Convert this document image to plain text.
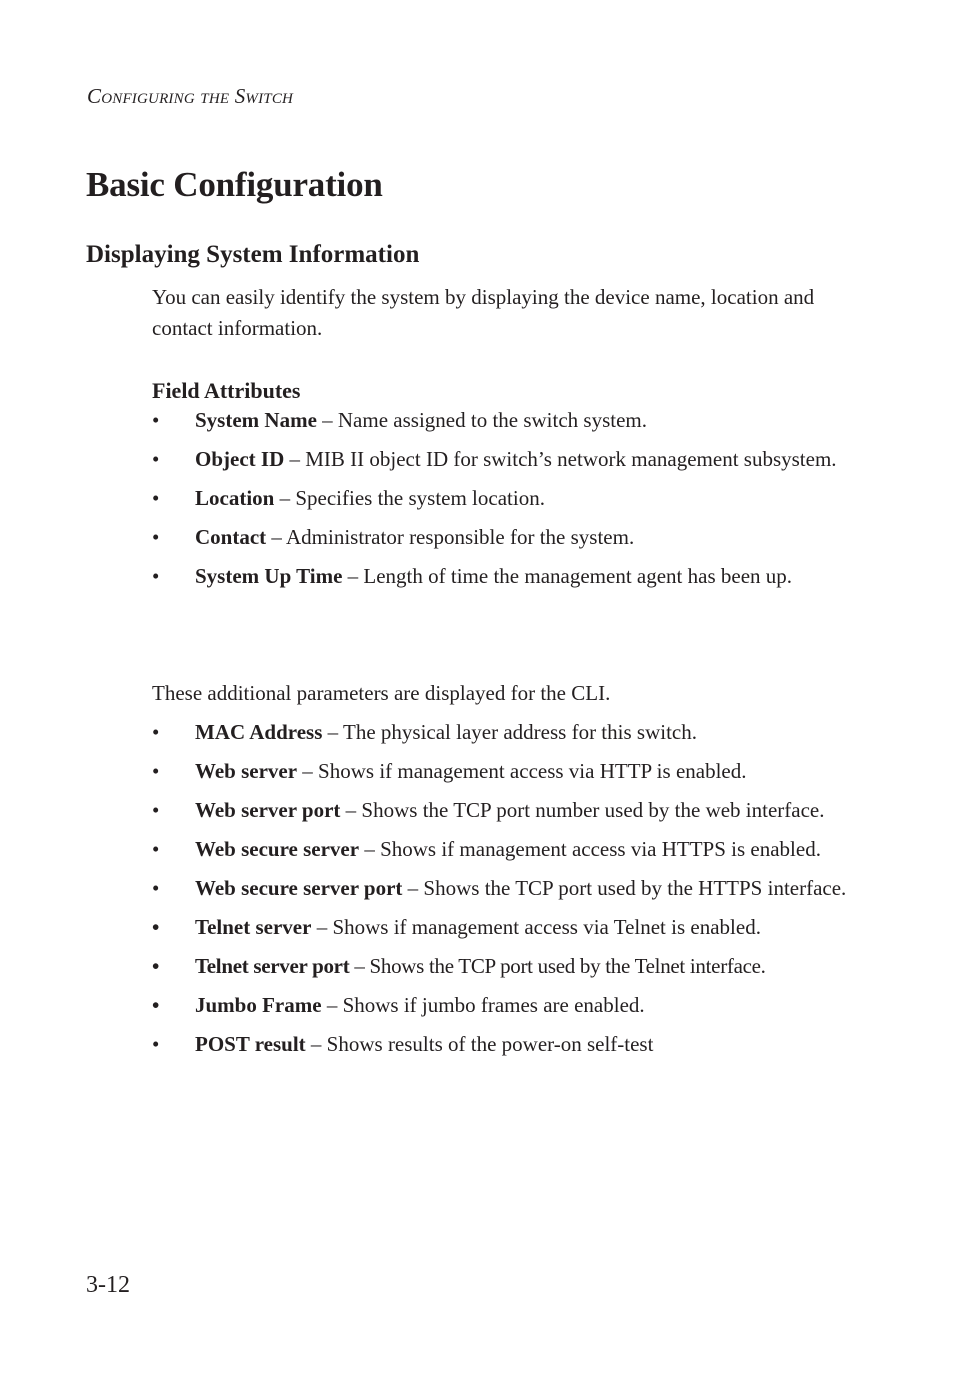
Configuring the Switch
Basic Configuration
Displaying System Information

You can easily identify the system by displaying the device name, location and contact information.

Field Attributes
•	System Name – Name assigned to the switch system.
•	Object ID – MIB II object ID for switch’s network management subsystem.
•	Location – Specifies the system location.
•	Contact – Administrator responsible for the system.
•	System Up Time – Length of time the management agent has been up.

These additional parameters are displayed for the CLI.

•	MAC Address – The physical layer address for this switch.
•	Web server – Shows if management access via HTTP is enabled.
•	Web server port – Shows the TCP port number used by the web interface.
•	Web secure server – Shows if management access via HTTPS is enabled.
•	Web secure server port – Shows the TCP port used by the HTTPS interface.
•	Telnet server – Shows if management access via Telnet is enabled.
•	Telnet server port – Shows the TCP port used by the Telnet interface.
•	Jumbo Frame – Shows if jumbo frames are enabled.
•	POST result – Shows results of the power-on self-test
3-12
